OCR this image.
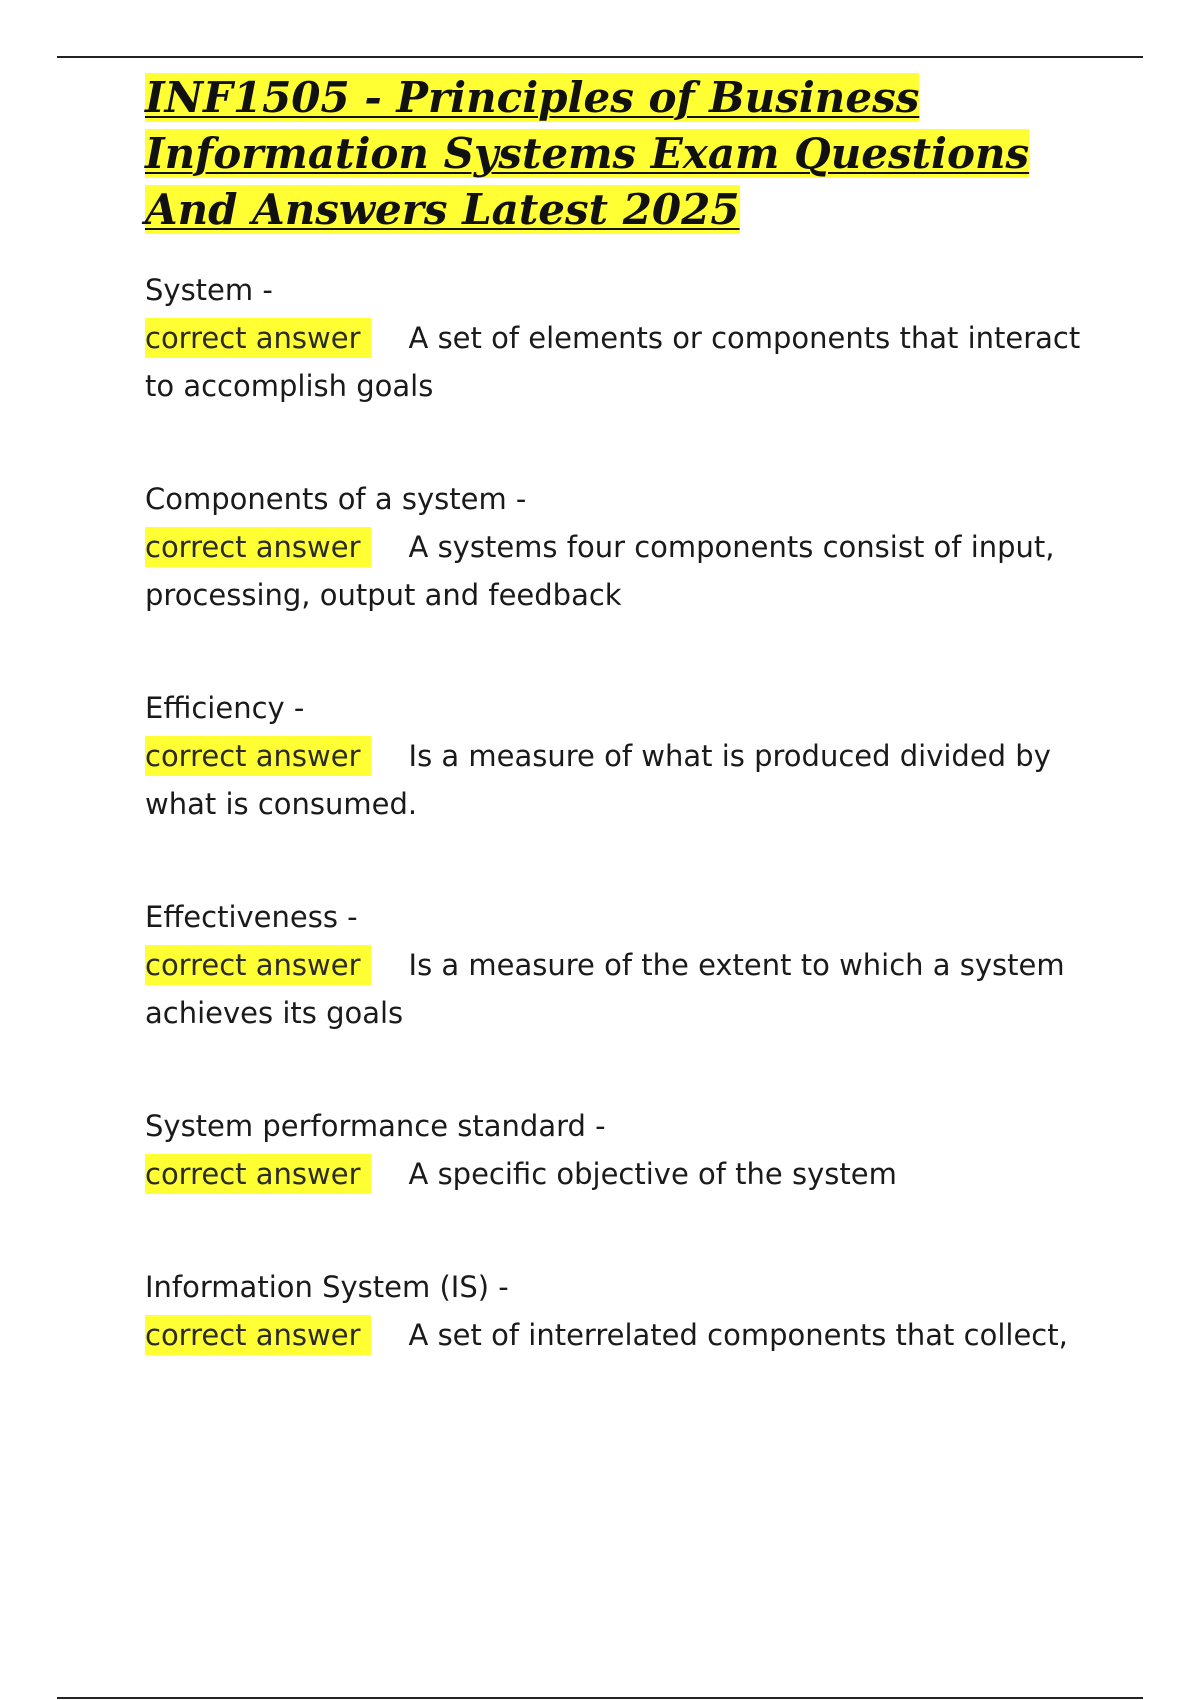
INF1505 - Principles of Business Information Systems Exam Questions And Answers Latest 2025

System -

correct answer A set of elements or components that interact to accomplish goals

Components of a system -

correct answer A systems four components consist of input, processing, output and feedback

Efficiency -

correct answer Is a measure of what is produced divided by what is consumed.

Effectiveness -

correct answer Is a measure of the extent to which a system achieves its goals

System performance standard -

correct answer A specific objective of the system

Information System (IS) -

correct answer A set of interrelated components that collect,
